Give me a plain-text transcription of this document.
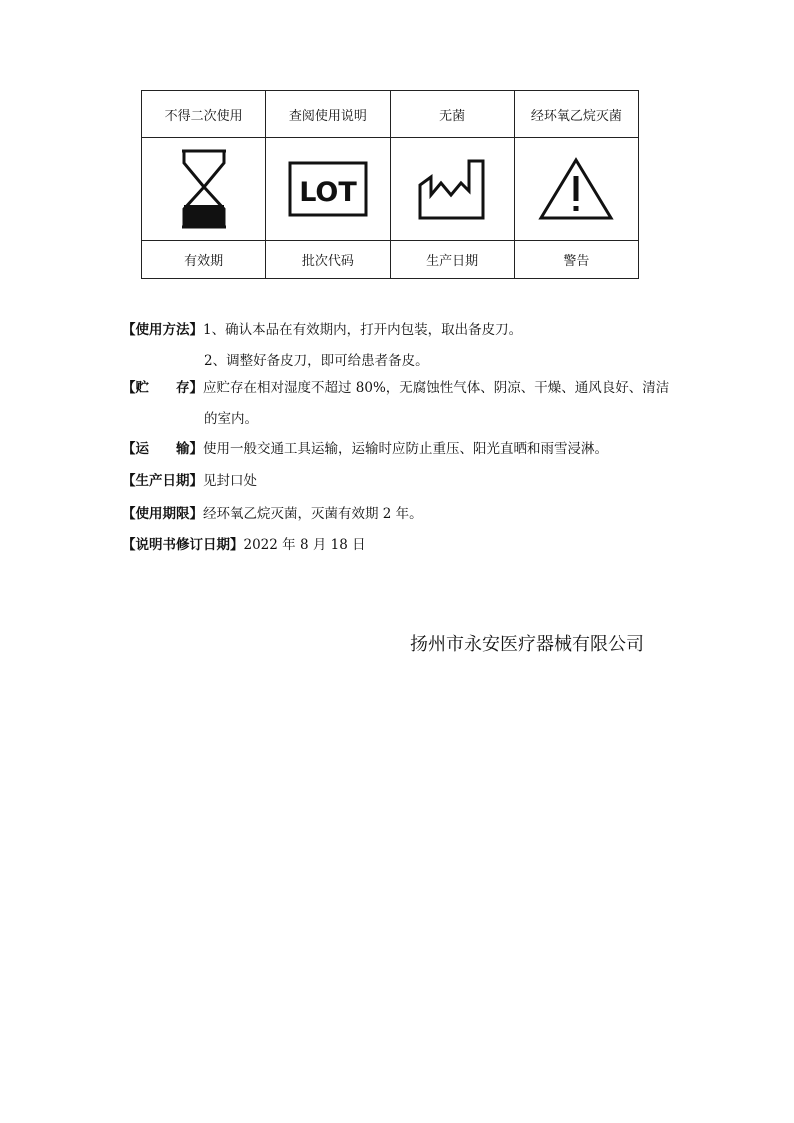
不得二次使用	查阅使用说明	无菌	经环氧乙烷灭菌

LOT

有效期	批次代码	生产日期	警告
【使用方法】1、确认本品在有效期内，打开内包装，取出备皮刀。
2、调整好备皮刀，即可给患者备皮。
【贮　　存】应贮存在相对湿度不超过 80%，无腐蚀性气体、阴凉、干燥、通风良好、清洁
的室内。
【运　　输】使用一般交通工具运输，运输时应防止重压、阳光直晒和雨雪浸淋。
【生产日期】见封口处
【使用期限】经环氧乙烷灭菌，灭菌有效期 2 年。
【说明书修订日期】2022 年 8 月 18 日
扬州市永安医疗器械有限公司
